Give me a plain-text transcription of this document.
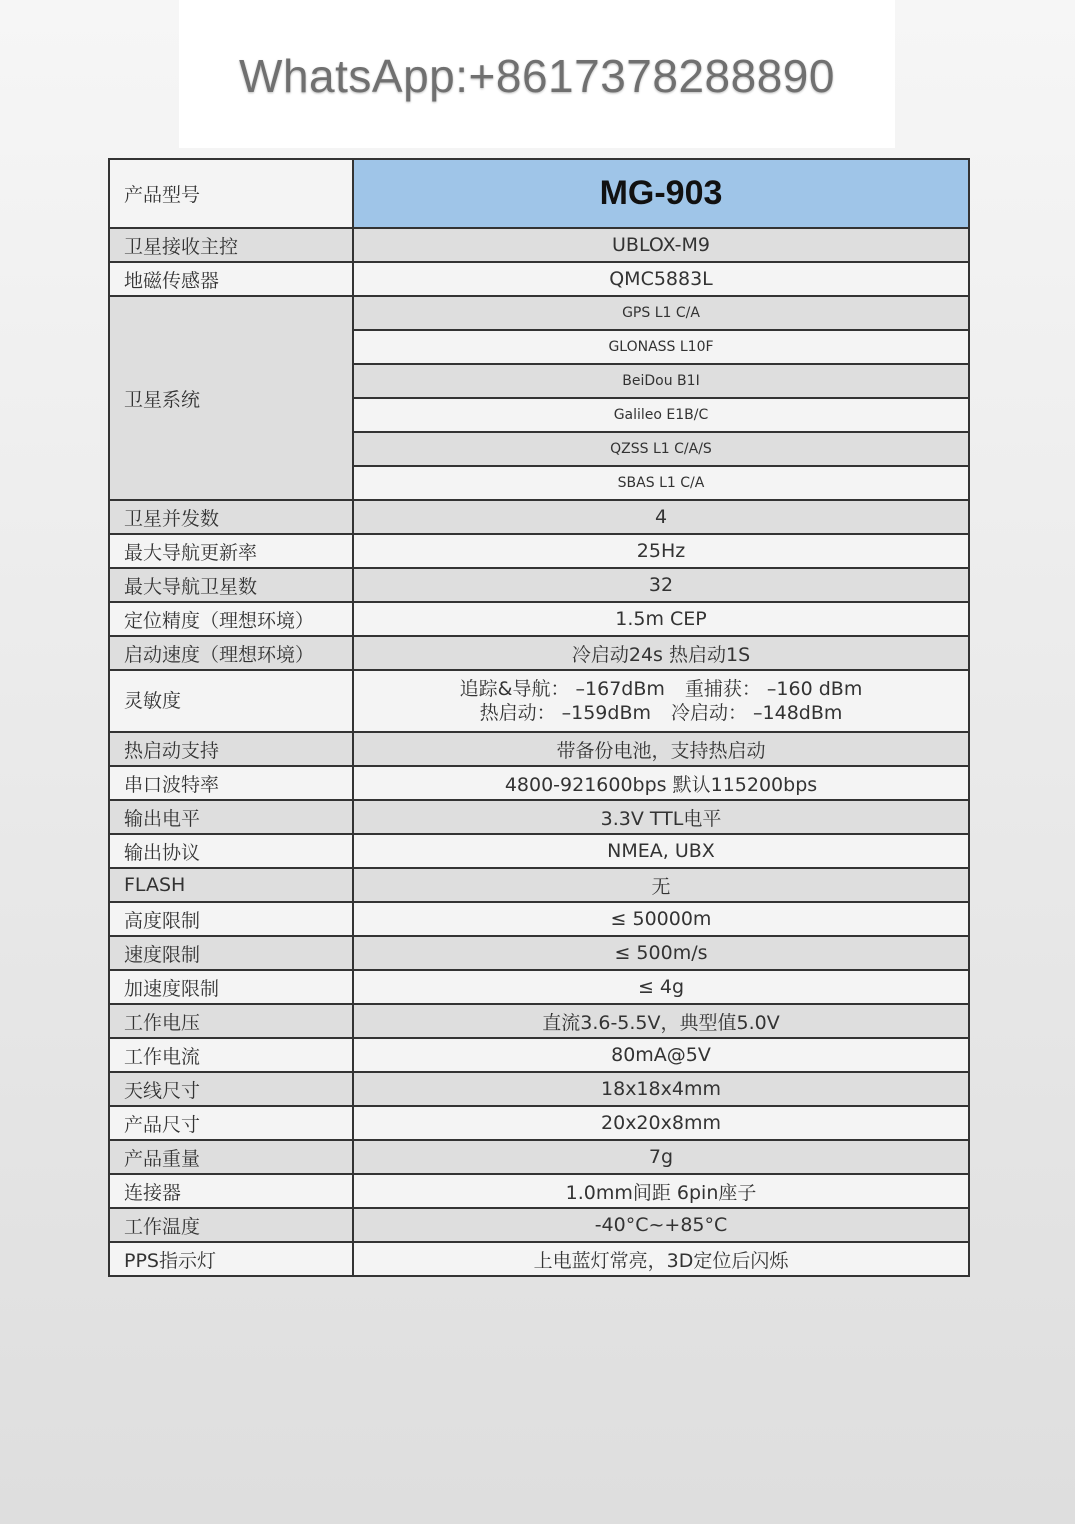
WhatsApp:+8617378288890
产品型号	MG-903
卫星接收主控	UBLOX-M9
地磁传感器	QMC5883L
卫星系统	GPS L1 C/A
	GLONASS L10F
	BeiDou B1I
	Galileo E1B/C
	QZSS L1 C/A/S
	SBAS L1 C/A
卫星并发数	4
最大导航更新率	25Hz
最大导航卫星数	32
定位精度（理想环境）	1.5m CEP
启动速度（理想环境）	冷启动24s 热启动1S
灵敏度	追踪&导航： –167dBm 重捕获： –160 dBm
热启动： –159dBm 冷启动： –148dBm

热启动支持	带备份电池，支持热启动
串口波特率	4800-921600bps 默认115200bps
输出电平	3.3V TTL电平
输出协议	NMEA, UBX
FLASH	无
高度限制	≤ 50000m
速度限制	≤ 500m/s
加速度限制	≤ 4g
工作电压	直流3.6-5.5V，典型值5.0V
工作电流	80mA@5V
天线尺寸	18x18x4mm
产品尺寸	20x20x8mm
产品重量	7g
连接器	1.0mm间距 6pin座子
工作温度	-40°C~+85°C
PPS指示灯	上电蓝灯常亮，3D定位后闪烁
